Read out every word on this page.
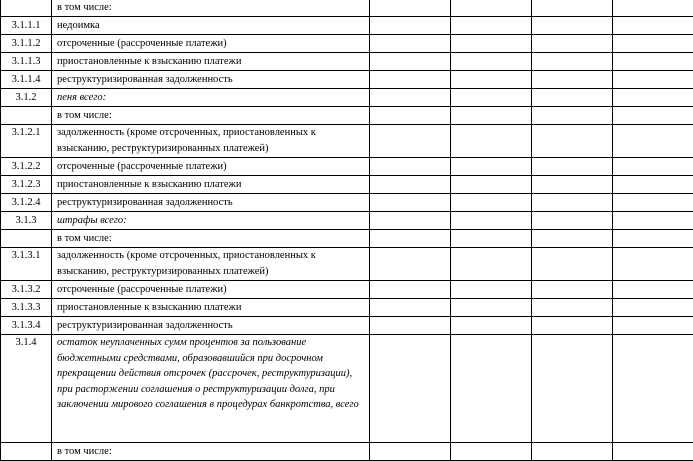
	в том числе:				
3.1.1.1	недоимка				
3.1.1.2	отсроченные (рассроченные платежи)				
3.1.1.3	приостановленные к взысканию платежи				
3.1.1.4	реструктуризированная задолженность				
3.1.2	пеня всего:				
	в том числе:				
3.1.2.1	задолженность (кроме отсроченных, приостановленных к взысканию, реструктуризированных платежей)				
3.1.2.2	отсроченные (рассроченные платежи)				
3.1.2.3	приостановленные к взысканию платежи				
3.1.2.4	реструктуризированная задолженность				
3.1.3	штрафы всего:				
	в том числе:				
3.1.3.1	задолженность (кроме отсроченных, приостановленных к взысканию, реструктуризированных платежей)				
3.1.3.2	отсроченные (рассроченные платежи)				
3.1.3.3	приостановленные к взысканию платежи				
3.1.3.4	реструктуризированная задолженность				
3.1.4	остаток неуплаченных сумм процентов за пользование бюджетными средствами, образовавшийся при досрочном прекращении действия отсрочек (рассрочек, реструктуризации), при расторжении соглашения о реструктуризации долга, при заключении мирового соглашения в процедурах банкротства, всего				
	в том числе:				
